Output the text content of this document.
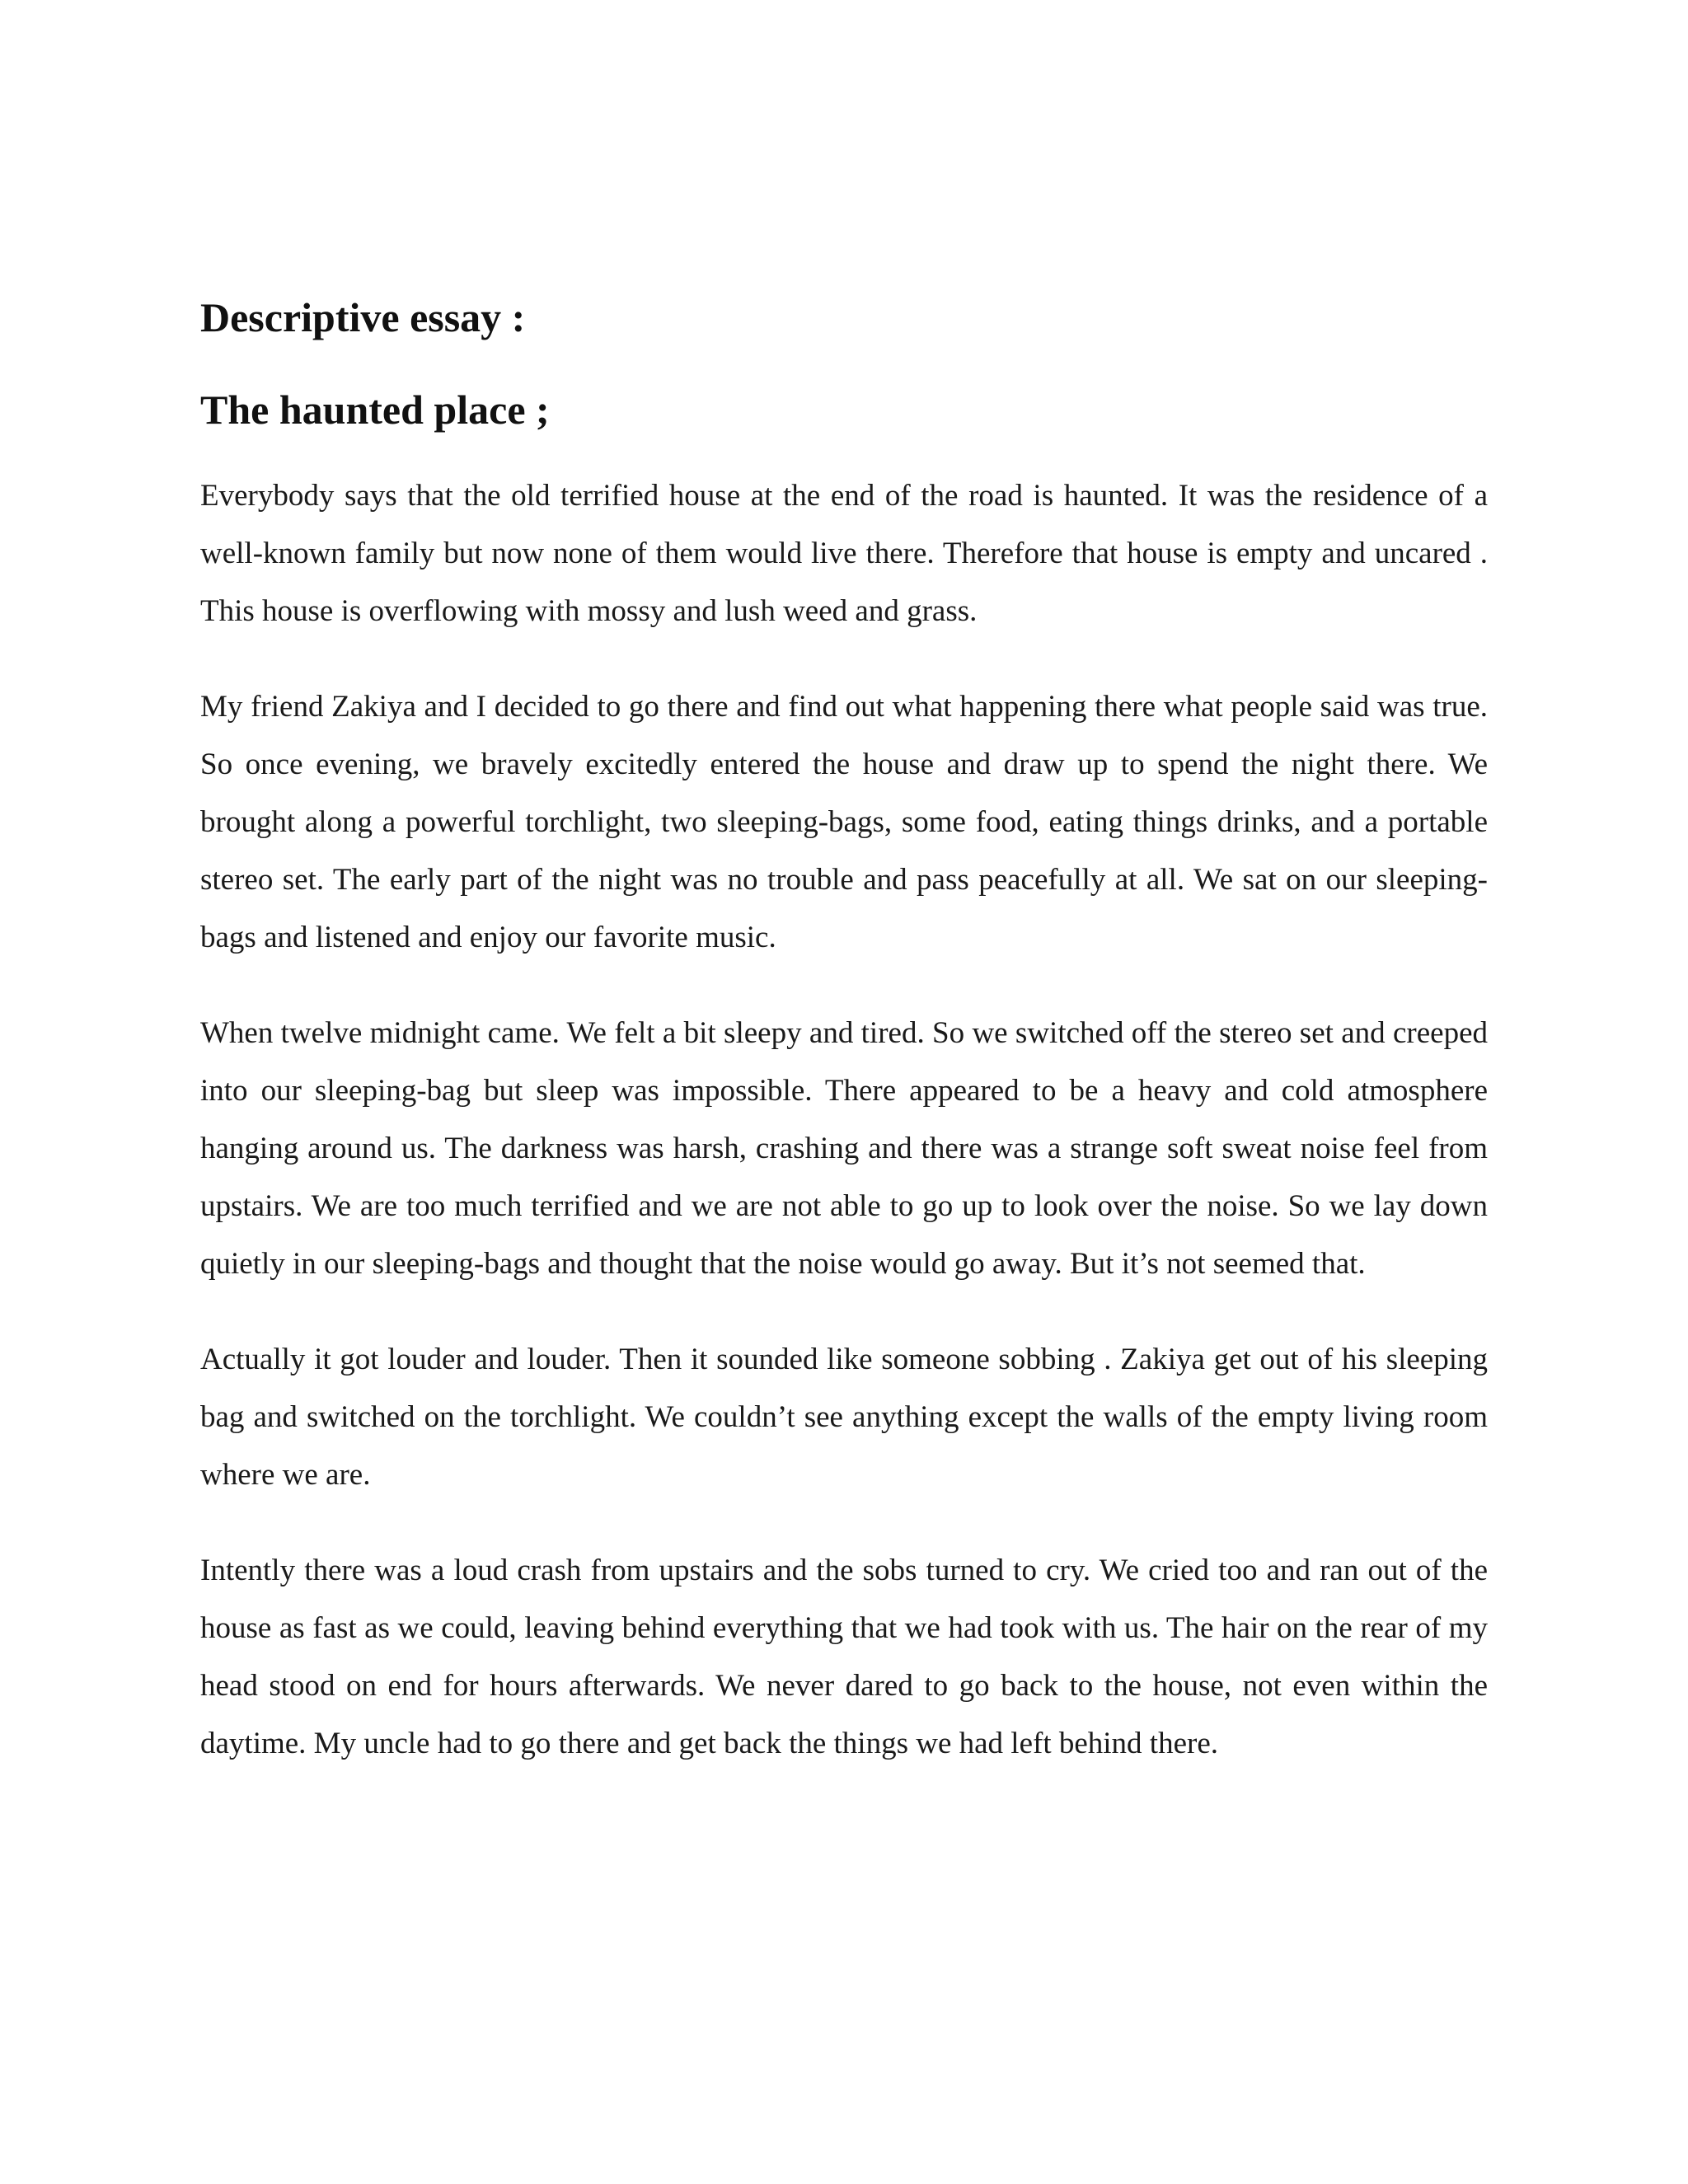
Descriptive essay :
The haunted place ;

Everybody says that the old terrified house at the end of the road is haunted. It was the residence of a well-known family but now none of them would live there. Therefore that house is empty and uncared . This house is overflowing with mossy and lush weed and grass.

My friend Zakiya and I decided to go there and find out what happening there what people said was true. So once evening, we bravely excitedly entered the house and draw up to spend the night there. We brought along a powerful torchlight, two sleeping-bags, some food, eating things drinks, and a portable stereo set. The early part of the night was no trouble and pass peacefully at all. We sat on our sleeping-bags and listened and enjoy our favorite music.

When twelve midnight came. We felt a bit sleepy and tired. So we switched off the stereo set and creeped into our sleeping-bag but sleep was impossible. There appeared to be a heavy and cold atmosphere hanging around us. The darkness was harsh, crashing and there was a strange soft sweat noise feel from upstairs. We are too much terrified and we are not able to go up to look over the noise. So we lay down quietly in our sleeping-bags and thought that the noise would go away. But it’s not seemed that.

Actually it got louder and louder. Then it sounded like someone sobbing . Zakiya get out of his sleeping bag and switched on the torchlight. We couldn’t see anything except the walls of the empty living room where we are.

Intently there was a loud crash from upstairs and the sobs turned to cry. We cried too and ran out of the house as fast as we could, leaving behind everything that we had took with us. The hair on the rear of my head stood on end for hours afterwards. We never dared to go back to the house, not even within the daytime. My uncle had to go there and get back the things we had left behind there.
